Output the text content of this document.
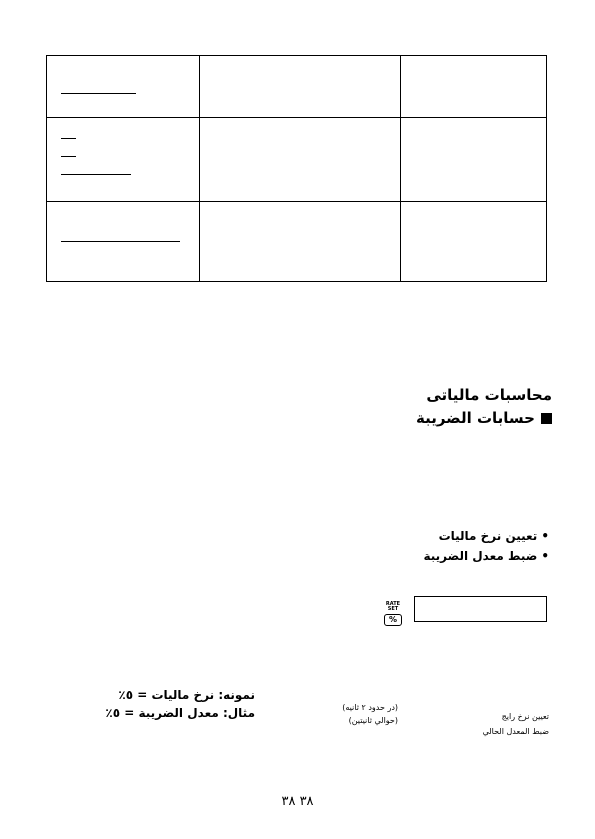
محاسبات مالیاتی
حسابات الضريبة
•تعیین نرخ مالیات
•ضبط معدل الضريبة
RATE SET
%
نمونه: نرخ مالیات = ٥٪
مثال: معدل الضريبة = ٥٪	(در حدود ۲ ثانیه)
(حوالي ثانيتين)	تعیین نرخ رایج
ضبط المعدل الحالي
۳۸ ۳۸
